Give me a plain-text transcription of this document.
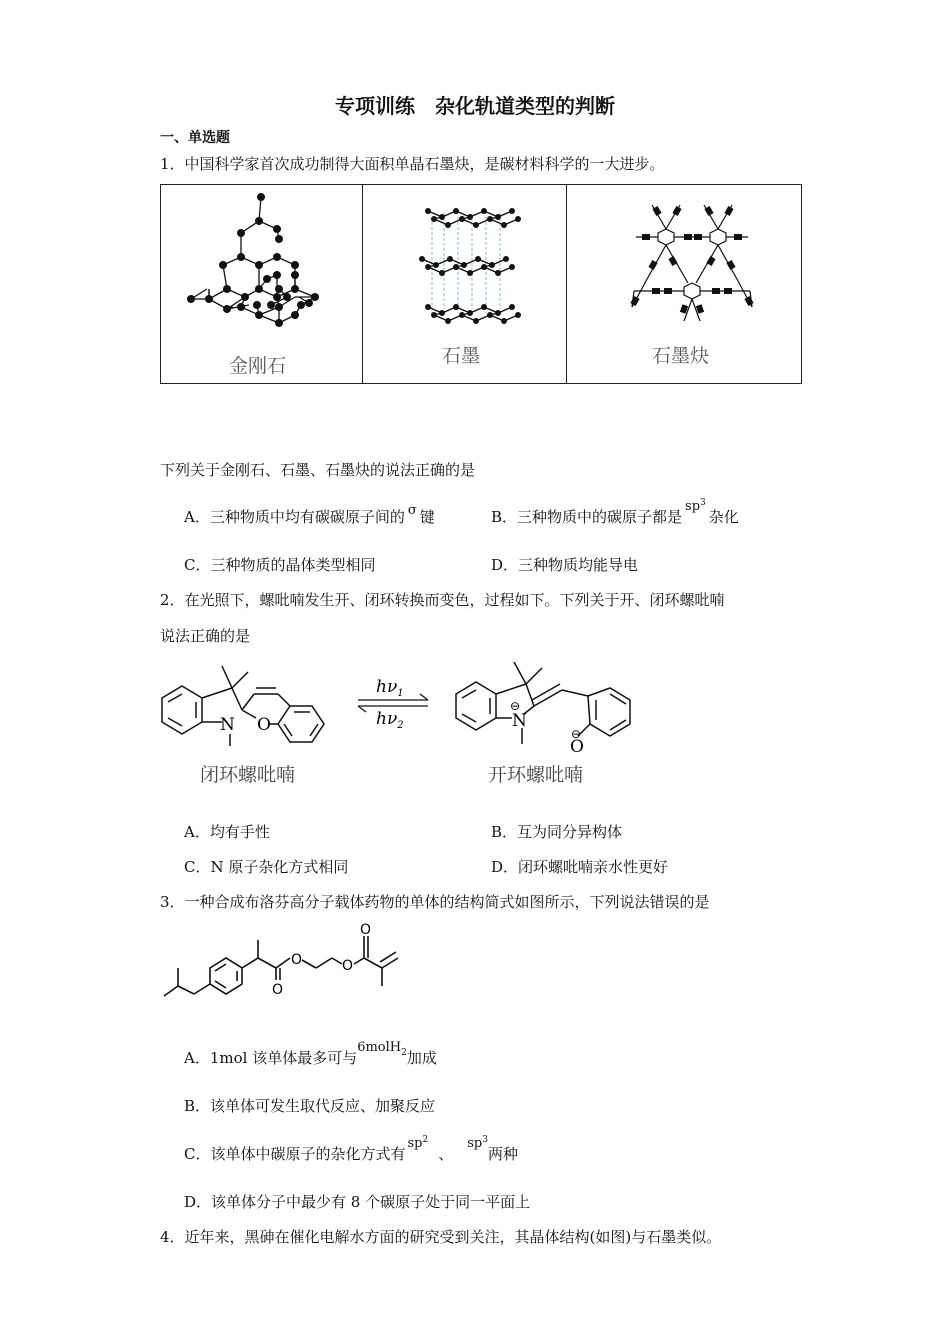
专项训练　杂化轨道类型的判断
一、单选题
1．中国科学家首次成功制得大面积单晶石墨炔，是碳材料科学的一大进步。
金刚石	石墨	石墨炔
下列关于金刚石、石墨、石墨炔的说法正确的是
A．三种物质中均有碳碳原子间的 σ 键	B．三种物质中的碳原子都是$sp^3$杂化
C．三种物质的晶体类型相同	D．三种物质均能导电
2．在光照下，螺吡喃发生开、闭环转换而变色，过程如下。下列关于开、闭环螺吡喃
说法正确的是
N O
闭环螺吡喃
$h\nu_1$
$h\nu_2$	N
⊖
O
⊖
开环螺吡喃
A．均有手性	B．互为同分异构体
C．N 原子杂化方式相同	D．闭环螺吡喃亲水性更好
3．一种合成布洛芬高分子载体药物的单体的结构简式如图所示，下列说法错误的是
O
O	O
O
A．1mol 该单体最多可与6molH$_2$加成
B．该单体可发生取代反应、加聚反应
C．该单体中碳原子的杂化方式有$sp^2$、$sp^3$两种
D．该单体分子中最少有 8 个碳原子处于同一平面上
4．近年来，黑砷在催化电解水方面的研究受到关注，其晶体结构(如图)与石墨类似。
